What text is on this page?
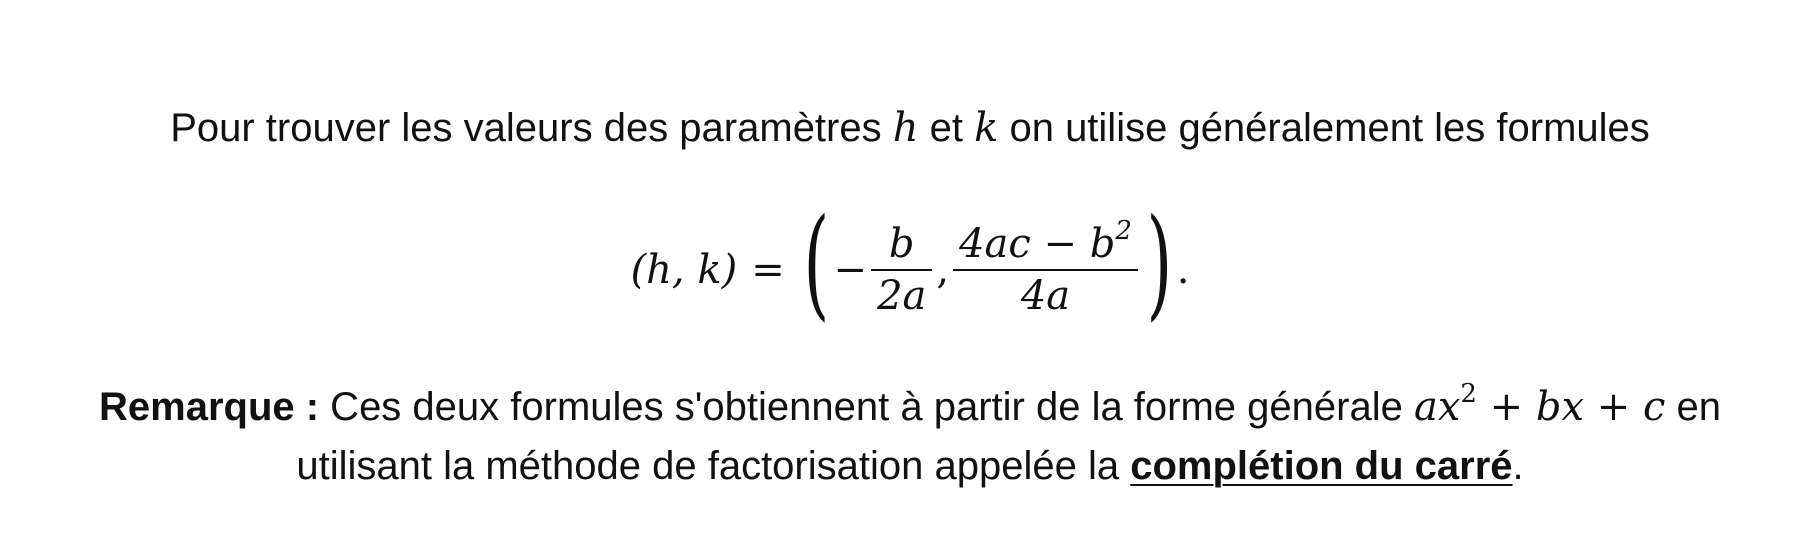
Pour trouver les valeurs des paramètres h et k on utilise généralement les formules
(h, k) = ( − $\frac{b}{2a}$ , $\frac{4ac - b^2}{4a}$ ) .
Remarque : Ces deux formules s'obtiennent à partir de la forme générale $ax^2$ + bx + c en
utilisant la méthode de factorisation appelée la complétion du carré.
